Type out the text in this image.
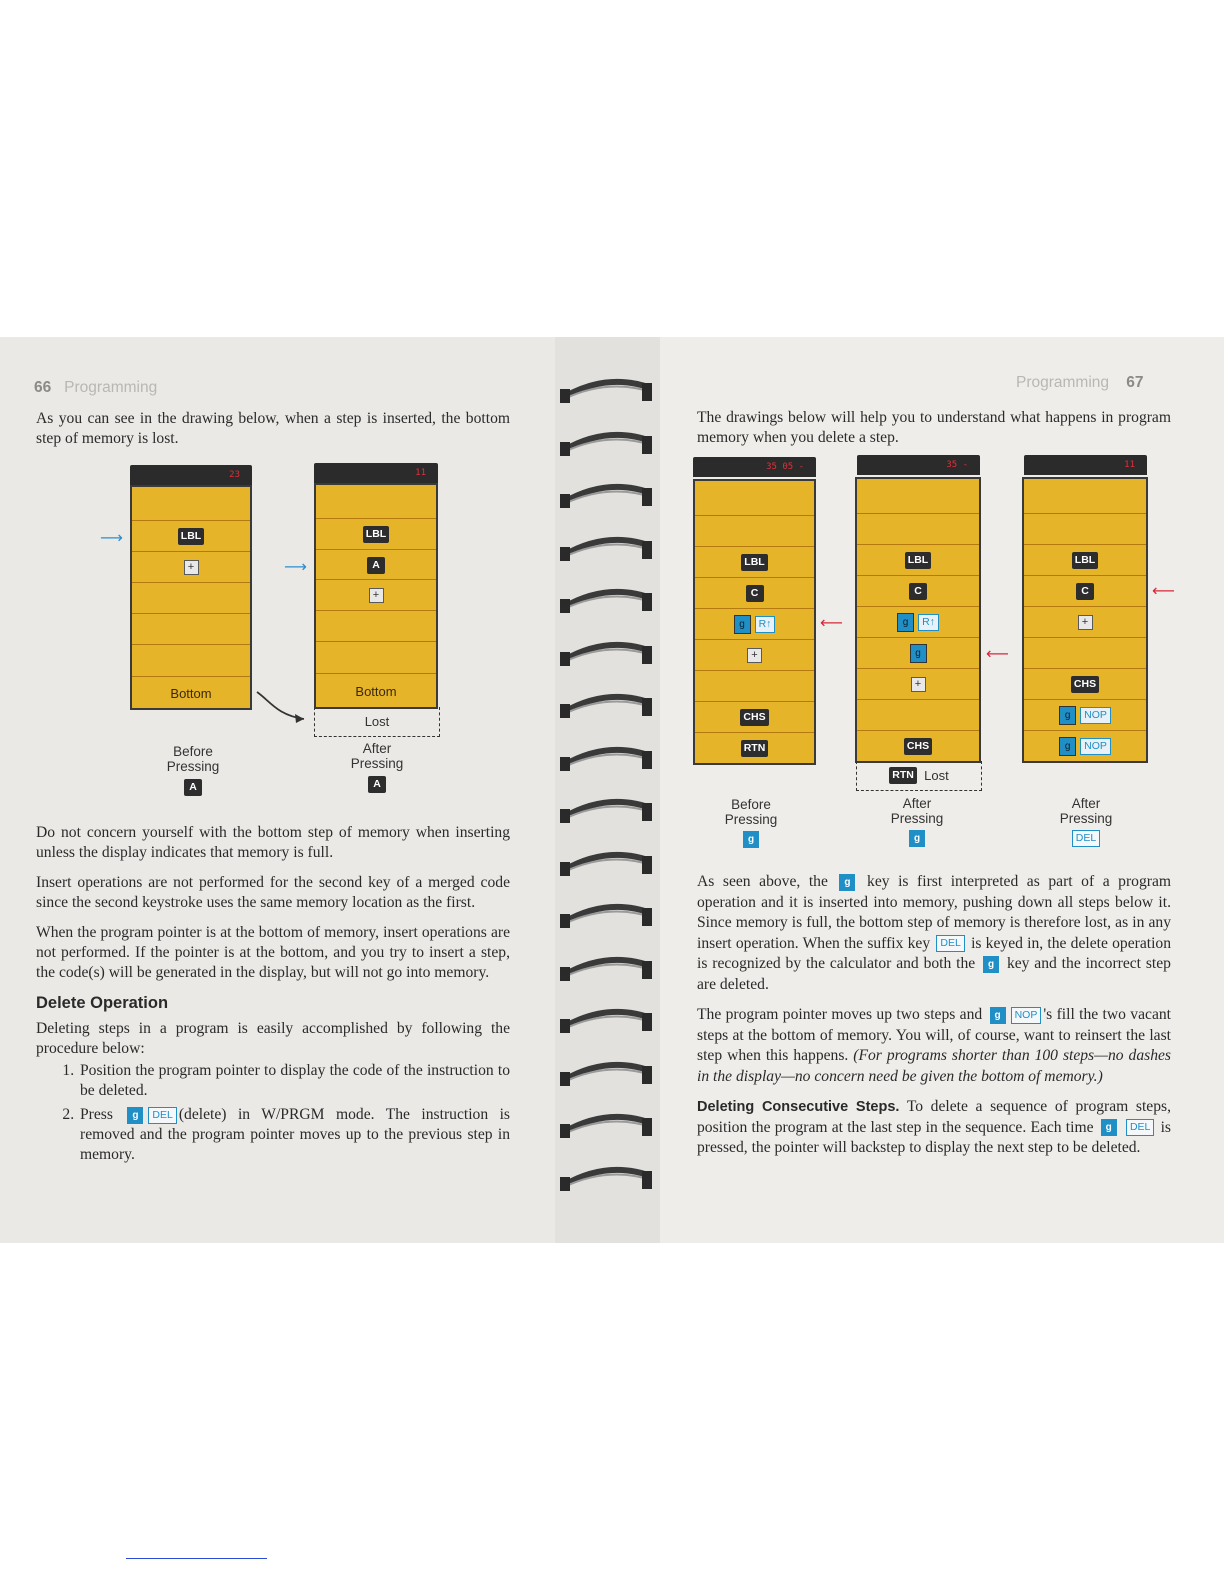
66 Programming
As you can see in the drawing below, when a step is inserted, the bottom step of memory is lost.
23
LBL
+
Bottom
⟶
Before
Pressing
A
11
LBL
A
+
Bottom
Lost
⟶
After
Pressing
A

Do not concern yourself with the bottom step of memory when inserting unless the display indicates that memory is full.

Insert operations are not performed for the second key of a merged code since the second keystroke uses the same memory location as the first.

When the program pointer is at the bottom of memory, insert operations are not performed. If the pointer is at the bottom, and you try to insert a step, the code(s) will be generated in the display, but will not go into memory.

Delete Operation

Deleting steps in a program is easily accomplished by following the procedure below:

1. Position the program pointer to display the code of the instruction to be deleted.
2. Press g DEL (delete) in W/PRGM mode. The instruction is removed and the program pointer moves up to the previous step in memory.
Programming 67
The drawings below will help you to understand what happens in program memory when you delete a step.
35 05 -
LBL
C
g	R↑
+
CHS
RTN
⟵
Before
Pressing
g
35 -
LBL
C
g	R↑
g
+
CHS
RTN
Lost
⟵
After
Pressing
g
11
LBL
C
+
CHS
g	NOP
g	NOP
⟵
After
Pressing
DEL

As seen above, the g key is first interpreted as part of a program operation and it is inserted into memory, pushing down all steps below it. Since memory is full, the bottom step of memory is therefore lost, as in any insert operation. When the suffix key DEL is keyed in, the delete operation is recognized by the calculator and both the g key and the incorrect step are deleted.

The program pointer moves up two steps and g NOP 's fill the two vacant steps at the bottom of memory. You will, of course, want to reinsert the last step when this happens. (For programs shorter than 100 steps—no dashes in the display—no concern need be given the bottom of memory.)

Deleting Consecutive Steps. To delete a sequence of program steps, position the program at the last step in the sequence. Each time g DEL is pressed, the pointer will backstep to display the next step to be deleted.
